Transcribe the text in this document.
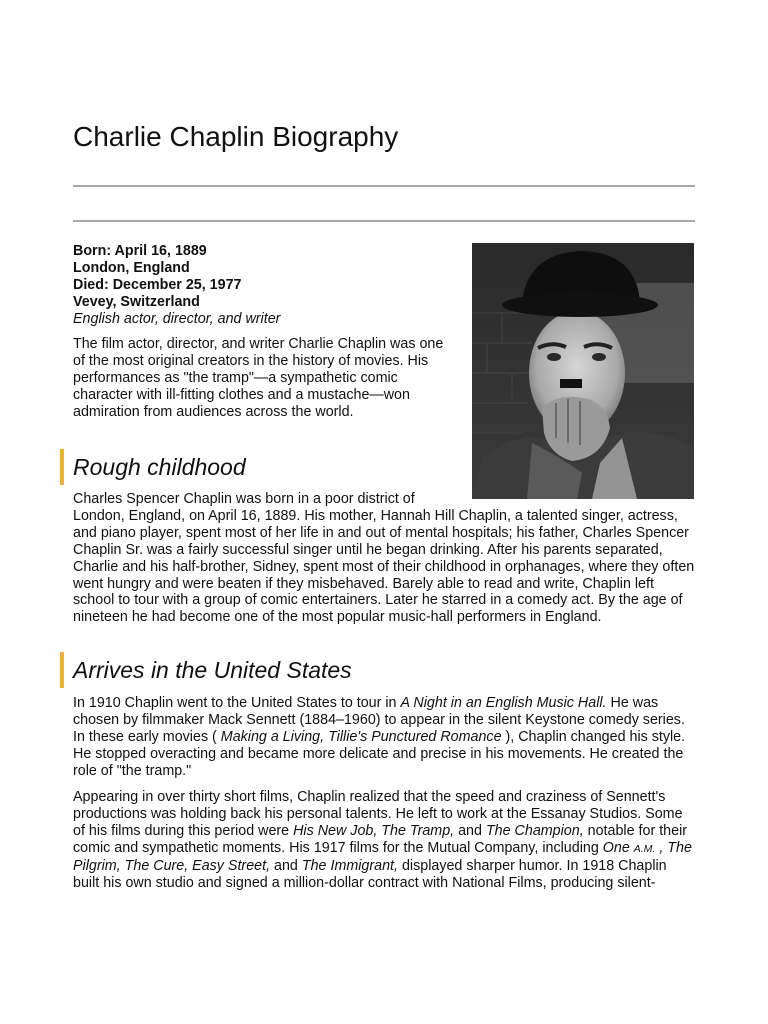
Charlie Chaplin Biography
Born: April 16, 1889
London, England
Died: December 25, 1977
Vevey, Switzerland
English actor, director, and writer

The film actor, director, and writer Charlie Chaplin was one of the most original creators in the history of movies. His performances as "the tramp"—a sympathetic comic character with ill-fitting clothes and a mustache—won admiration from audiences across the world.

Rough childhood

Charles Spencer Chaplin was born in a poor district of
London, England, on April 16, 1889. His mother, Hannah Hill Chaplin, a talented singer, actress, and piano player, spent most of her life in and out of mental hospitals; his father, Charles Spencer Chaplin Sr. was a fairly successful singer until he began drinking. After his parents separated, Charlie and his half-brother, Sidney, spent most of their childhood in orphanages, where they often went hungry and were beaten if they misbehaved. Barely able to read and write, Chaplin left school to tour with a group of comic entertainers. Later he starred in a comedy act. By the age of nineteen he had become one of the most popular music-hall performers in England.

Arrives in the United States

In 1910 Chaplin went to the United States to tour in A Night in an English Music Hall. He was chosen by filmmaker Mack Sennett (1884–1960) to appear in the silent Keystone comedy series. In these early movies ( Making a Living, Tillie's Punctured Romance ), Chaplin changed his style. He stopped overacting and became more delicate and precise in his movements. He created the role of "the tramp."

Appearing in over thirty short films, Chaplin realized that the speed and craziness of Sennett's productions was holding back his personal talents. He left to work at the Essanay Studios. Some of his films during this period were His New Job, The Tramp, and The Champion, notable for their comic and sympathetic moments. His 1917 films for the Mutual Company, including One A.M. , The Pilgrim, The Cure, Easy Street, and The Immigrant, displayed sharper humor. In 1918 Chaplin built his own studio and signed a million-dollar contract with National Films, producing silent-
